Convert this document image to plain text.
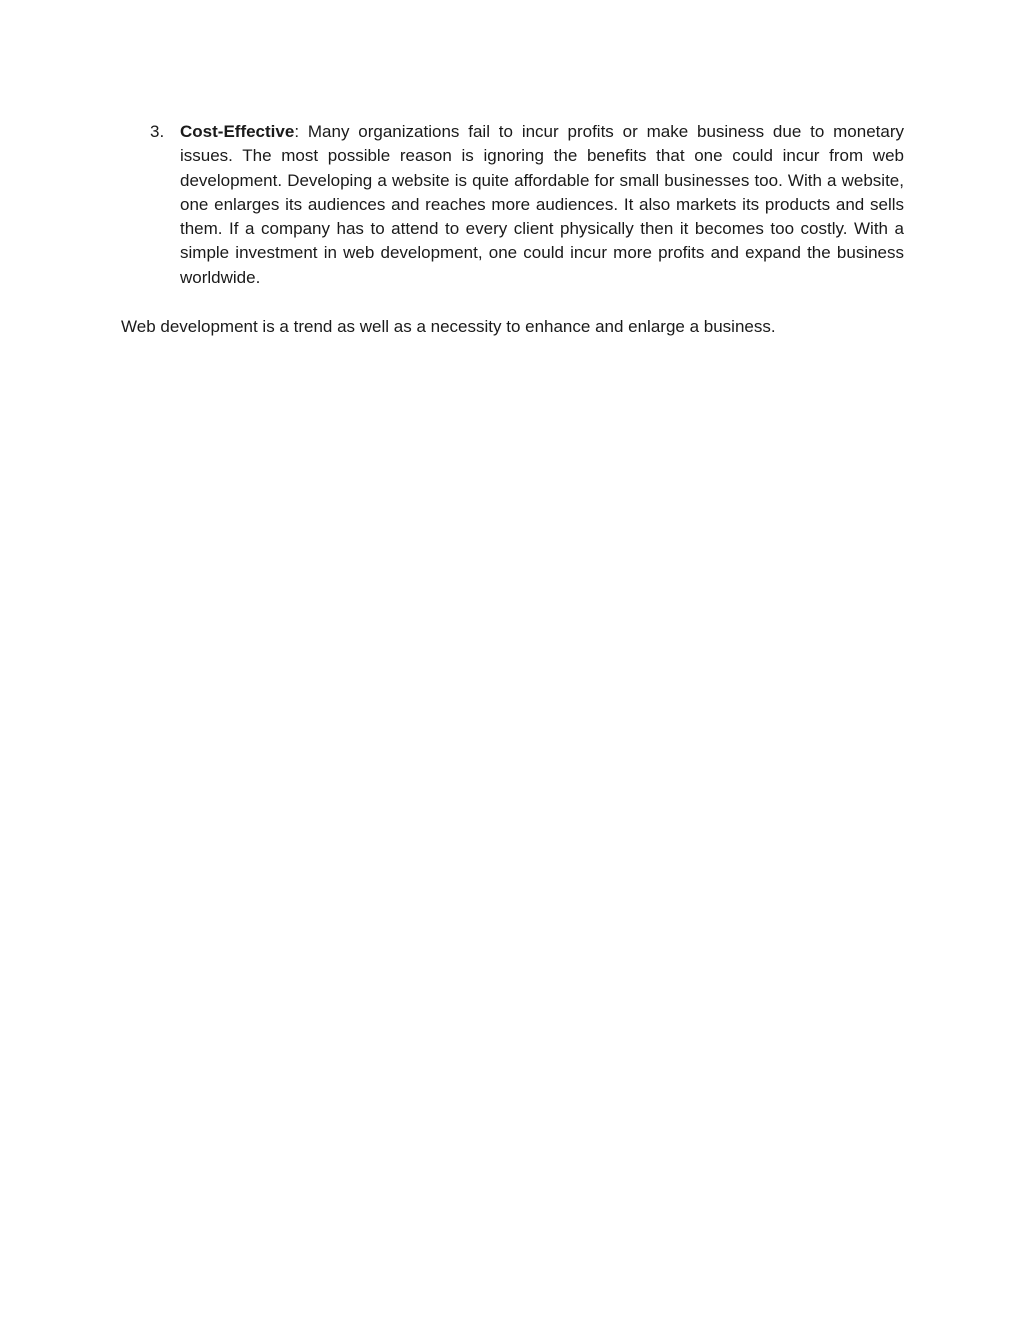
3. Cost-Effective: Many organizations fail to incur profits or make business due to monetary issues. The most possible reason is ignoring the benefits that one could incur from web development. Developing a website is quite affordable for small businesses too. With a website, one enlarges its audiences and reaches more audiences. It also markets its products and sells them. If a company has to attend to every client physically then it becomes too costly. With a simple investment in web development, one could incur more profits and expand the business worldwide.

Web development is a trend as well as a necessity to enhance and enlarge a business.
